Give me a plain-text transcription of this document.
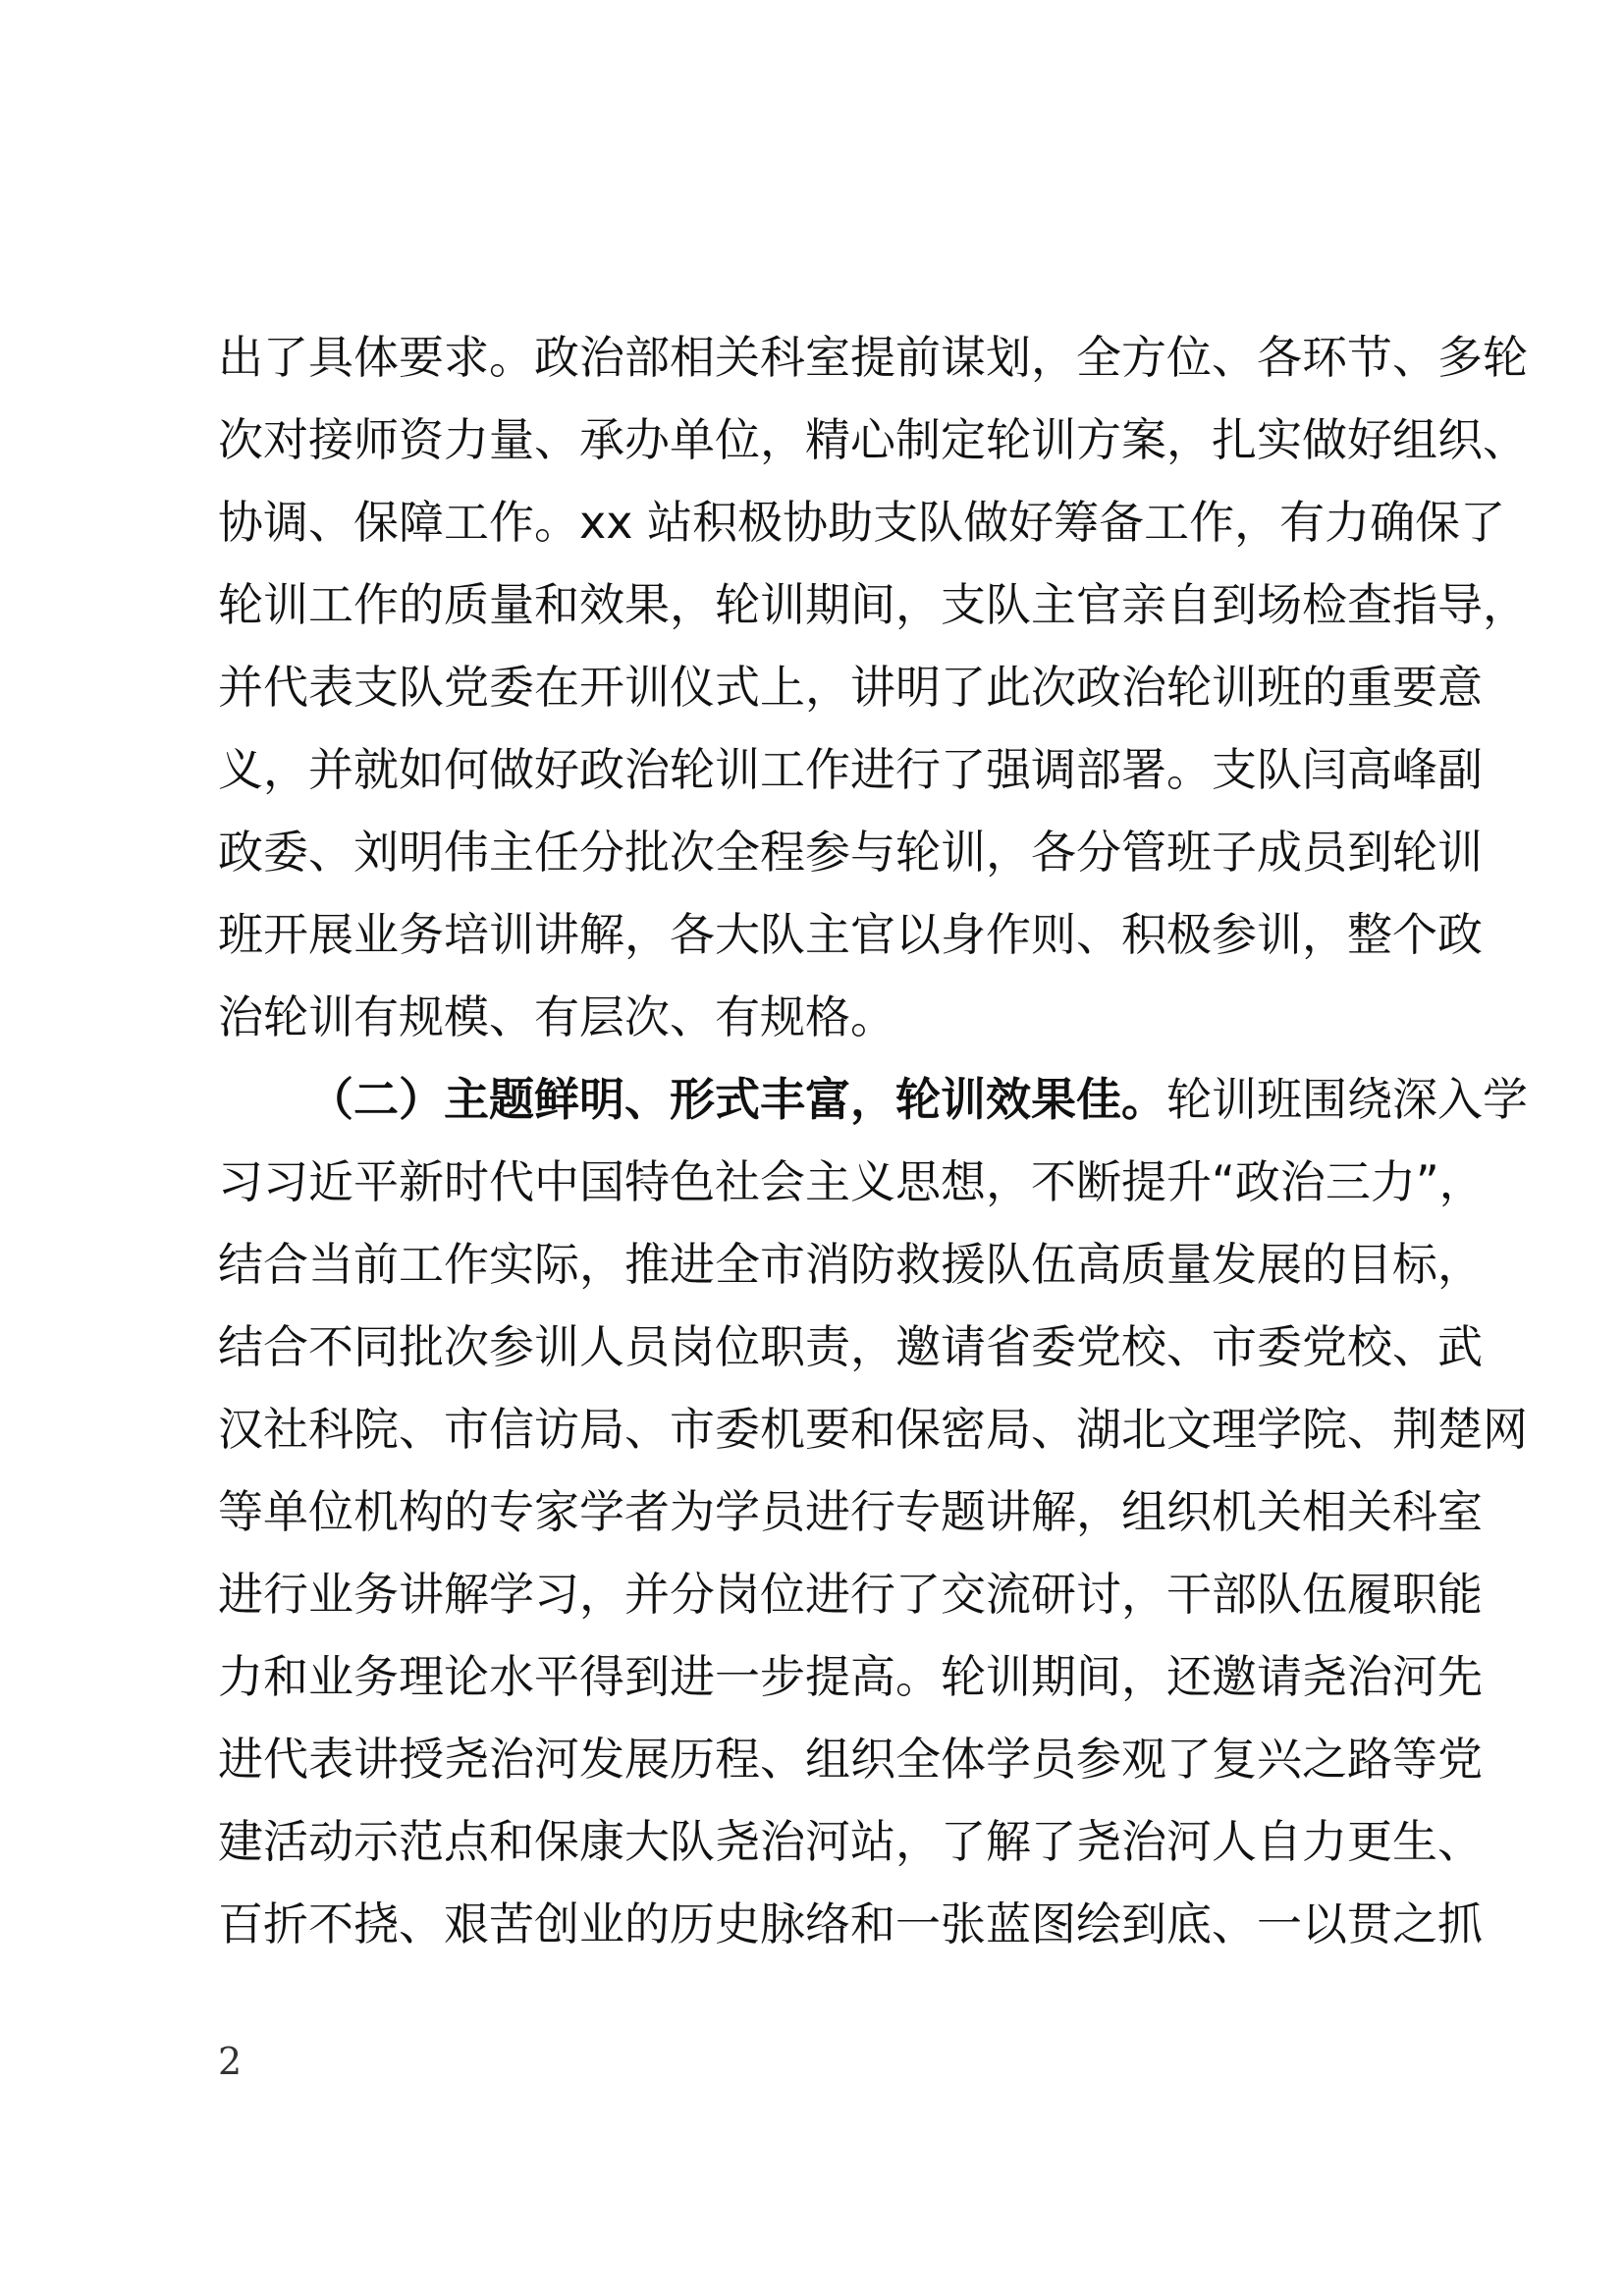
出了具体要求。政治部相关科室提前谋划，全方位、各环节、多轮
次对接师资力量、承办单位，精心制定轮训方案，扎实做好组织、
协调、保障工作。xx 站积极协助支队做好筹备工作，有力确保了
轮训工作的质量和效果，轮训期间，支队主官亲自到场检查指导，
并代表支队党委在开训仪式上，讲明了此次政治轮训班的重要意
义，并就如何做好政治轮训工作进行了强调部署。支队闫高峰副
政委、刘明伟主任分批次全程参与轮训，各分管班子成员到轮训
班开展业务培训讲解，各大队主官以身作则、积极参训，整个政
治轮训有规模、有层次、有规格。
（二）主题鲜明、形式丰富，轮训效果佳。轮训班围绕深入学
习习近平新时代中国特色社会主义思想，不断提升“政治三力”，
结合当前工作实际，推进全市消防救援队伍高质量发展的目标，
结合不同批次参训人员岗位职责，邀请省委党校、市委党校、武
汉社科院、市信访局、市委机要和保密局、湖北文理学院、荆楚网
等单位机构的专家学者为学员进行专题讲解，组织机关相关科室
进行业务讲解学习，并分岗位进行了交流研讨，干部队伍履职能
力和业务理论水平得到进一步提高。轮训期间，还邀请尧治河先
进代表讲授尧治河发展历程、组织全体学员参观了复兴之路等党
建活动示范点和保康大队尧治河站，了解了尧治河人自力更生、
百折不挠、艰苦创业的历史脉络和一张蓝图绘到底、一以贯之抓
2
